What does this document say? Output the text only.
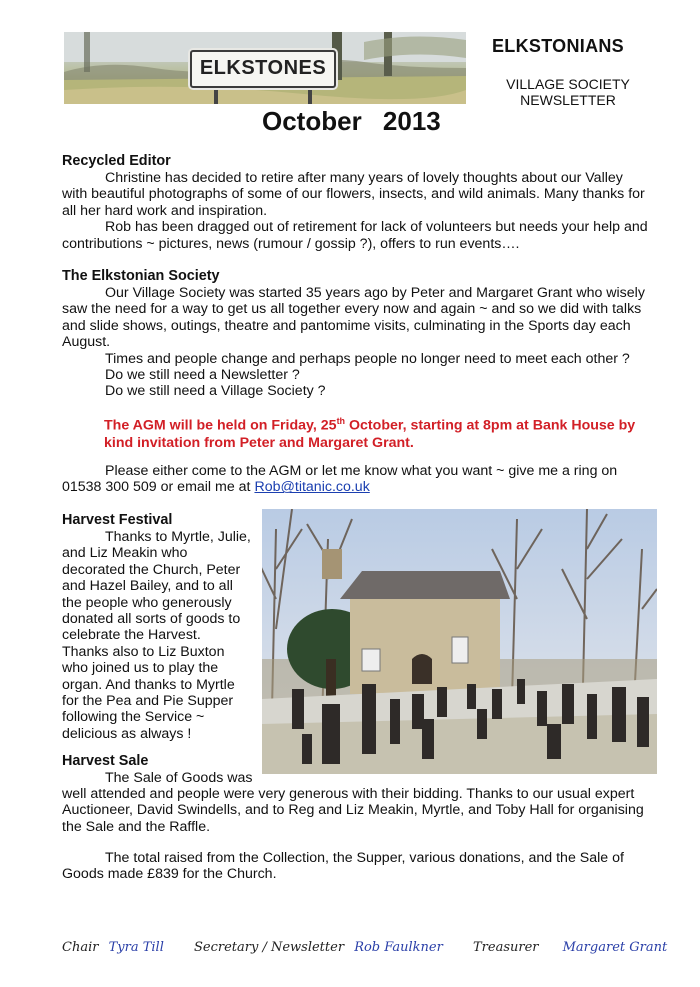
ELKSTONES
ELKSTONIANS
VILLAGE SOCIETY
NEWSLETTER
October 2013
Recycled Editor

Christine has decided to retire after many years of lovely thoughts about our Valley with beautiful photographs of some of our flowers, insects, and wild animals. Many thanks for all her hard work and inspiration.

Rob has been dragged out of retirement for lack of volunteers but needs your help and contributions ~ pictures, news (rumour / gossip ?), offers to run events….

The Elkstonian Society

Our Village Society was started 35 years ago by Peter and Margaret Grant who wisely saw the need for a way to get us all together every now and again ~ and so we did with talks and slide shows, outings, theatre and pantomime visits, culminating in the Sports day each August.

Times and people change and perhaps people no longer need to meet each other ?

Do we still need a Newsletter ?

Do we still need a Village Society ?

The AGM will be held on Friday, 25th October, starting at 8pm at Bank House by kind invitation from Peter and Margaret Grant.

Please either come to the AGM or let me know what you want ~ give me a ring on 01538 300 509 or email me at Rob@titanic.co.uk

Harvest Festival
Thanks to Myrtle, Julie,
and Liz Meakin who
decorated the Church, Peter
and Hazel Bailey, and to all
the people who generously
donated all sorts of goods to
celebrate the Harvest.
Thanks also to Liz Buxton
who joined us to play the
organ. And thanks to Myrtle
for the Pea and Pie Supper
following the Service ~
delicious as always !
Harvest Sale

The Sale of Goods was

well attended and people were very generous with their bidding. Thanks to our usual expert Auctioneer, David Swindells, and to Reg and Liz Meakin, Myrtle, and Toby Hall for organising the Sale and the Raffle.

The total raised from the Collection, the Supper, various donations, and the Sale of Goods made £839 for the Church.

Chair Tyra Till Secretary / Newsletter Rob Faulkner Treasurer Margaret Grant
